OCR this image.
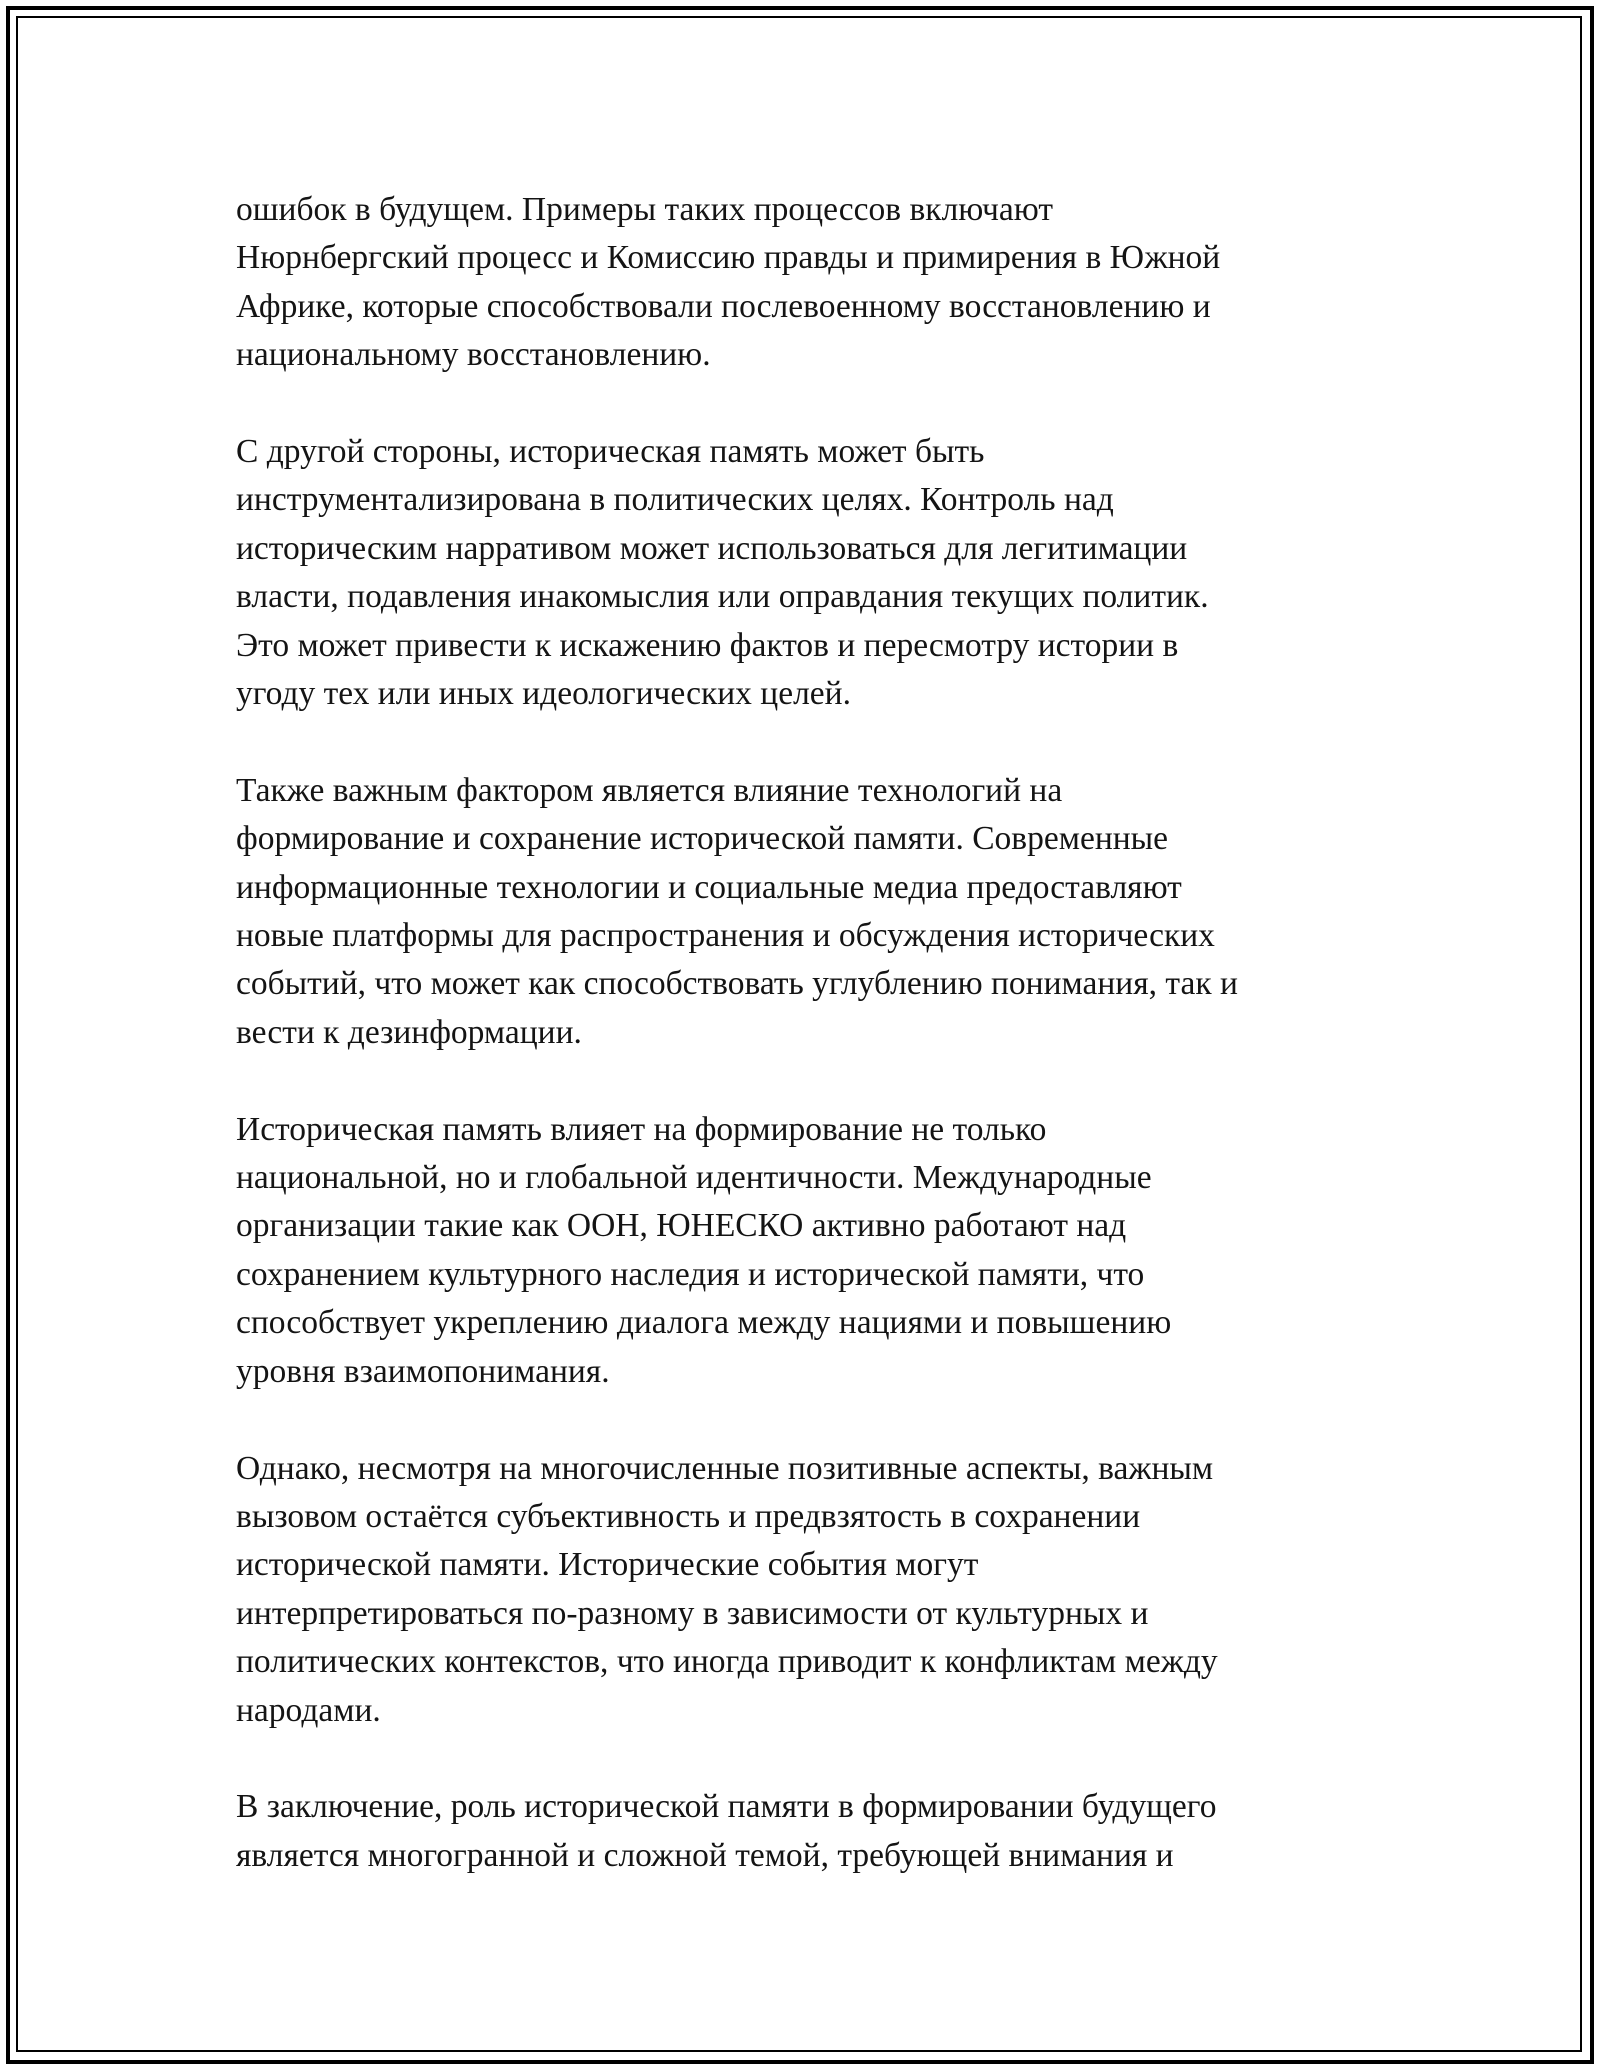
ошибок в будущем. Примеры таких процессов включают
Нюрнбергский процесс и Комиссию правды и примирения в Южной
Африке, которые способствовали послевоенному восстановлению и
национальному восстановлению.

С другой стороны, историческая память может быть
инструментализирована в политических целях. Контроль над
историческим нарративом может использоваться для легитимации
власти, подавления инакомыслия или оправдания текущих политик.
Это может привести к искажению фактов и пересмотру истории в
угоду тех или иных идеологических целей.

Также важным фактором является влияние технологий на
формирование и сохранение исторической памяти. Современные
информационные технологии и социальные медиа предоставляют
новые платформы для распространения и обсуждения исторических
событий, что может как способствовать углублению понимания, так и
вести к дезинформации.

Историческая память влияет на формирование не только
национальной, но и глобальной идентичности. Международные
организации такие как ООН, ЮНЕСКО активно работают над
сохранением культурного наследия и исторической памяти, что
способствует укреплению диалога между нациями и повышению
уровня взаимопонимания.

Однако, несмотря на многочисленные позитивные аспекты, важным
вызовом остаётся субъективность и предвзятость в сохранении
исторической памяти. Исторические события могут
интерпретироваться по-разному в зависимости от культурных и
политических контекстов, что иногда приводит к конфликтам между
народами.

В заключение, роль исторической памяти в формировании будущего
является многогранной и сложной темой, требующей внимания и
